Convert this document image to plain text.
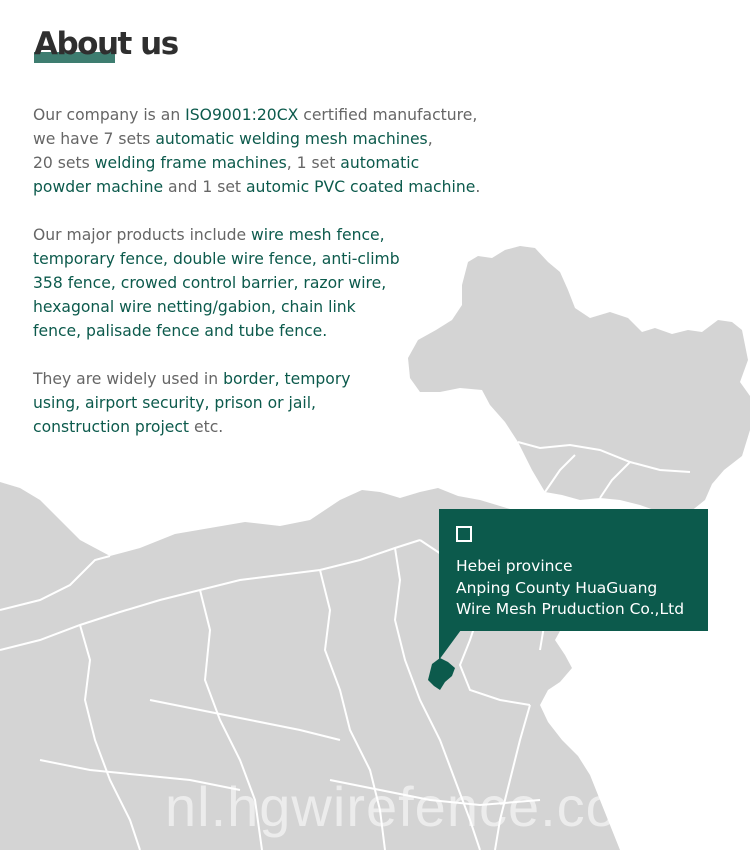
About us

Our company is an ISO9001:20CX certified manufacture,
we have 7 sets automatic welding mesh machines,
20 sets welding frame machines, 1 set automatic
powder machine and 1 set automic PVC coated machine.

Our major products include wire mesh fence,
temporary fence, double wire fence, anti-climb
358 fence, crowed control barrier, razor wire,
hexagonal wire netting/gabion, chain link
fence, palisade fence and tube fence.

They are widely used in border, tempory
using, airport security, prison or jail,
construction project etc.

Hebei province
Anping County HuaGuang
Wire Mesh Pruduction Co.,Ltd
nl.hgwirefence.com
